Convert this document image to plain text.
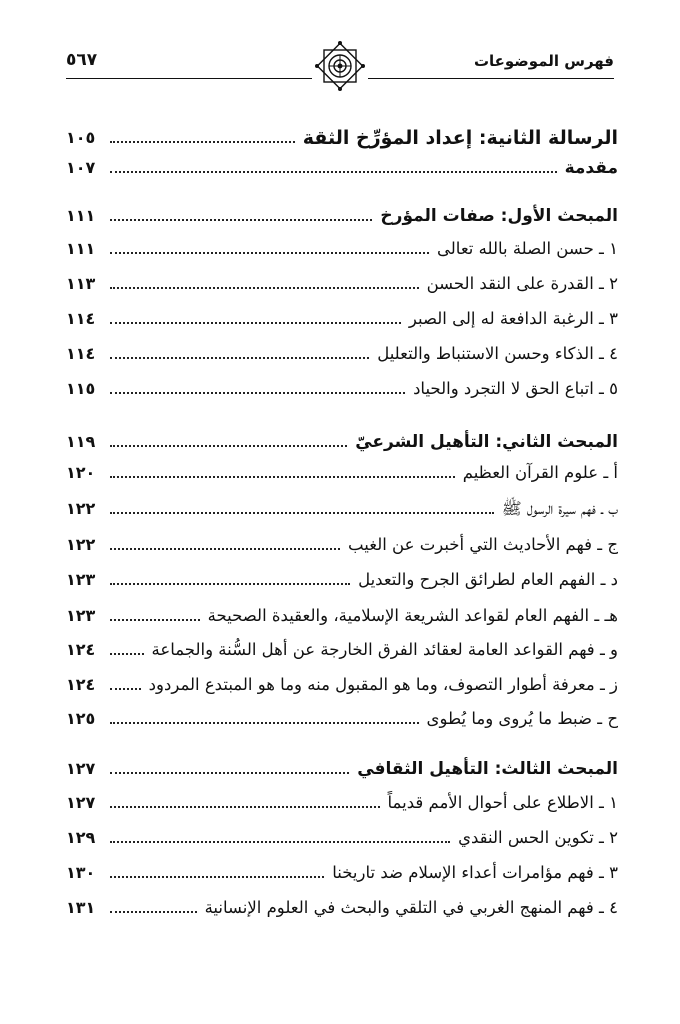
فهرس الموضوعات
٥٦٧
الرسالة الثانية: إعداد المؤرِّخ الثقة
١٠٥
مقدمة
١٠٧
المبحث الأول: صفات المؤرخ
١١١
١ ـ حسن الصلة بالله تعالى
١١١
٢ ـ القدرة على النقد الحسن
١١٣
٣ ـ الرغبة الدافعة له إلى الصبر
١١٤
٤ ـ الذكاء وحسن الاستنباط والتعليل
١١٤
٥ ـ اتباع الحق لا التجرد والحياد
١١٥
المبحث الثاني: التأهيل الشرعيّ
١١٩
أ ـ علوم القرآن العظيم
١٢٠
ب ـ فهم سيرة الرسول ﷺ
١٢٢
ج ـ فهم الأحاديث التي أخبرت عن الغيب
١٢٢
د ـ الفهم العام لطرائق الجرح والتعديل
١٢٣
هـ ـ الفهم العام لقواعد الشريعة الإسلامية، والعقيدة الصحيحة
١٢٣
و ـ فهم القواعد العامة لعقائد الفرق الخارجة عن أهل السُّنة والجماعة
١٢٤
ز ـ معرفة أطوار التصوف، وما هو المقبول منه وما هو المبتدع المردود
١٢٤
ح ـ ضبط ما يُروى وما يُطوى
١٢٥
المبحث الثالث: التأهيل الثقافي
١٢٧
١ ـ الاطلاع على أحوال الأمم قديماً
١٢٧
٢ ـ تكوين الحس النقدي
١٢٩
٣ ـ فهم مؤامرات أعداء الإسلام ضد تاريخنا
١٣٠
٤ ـ فهم المنهج الغربي في التلقي والبحث في العلوم الإنسانية
١٣١
